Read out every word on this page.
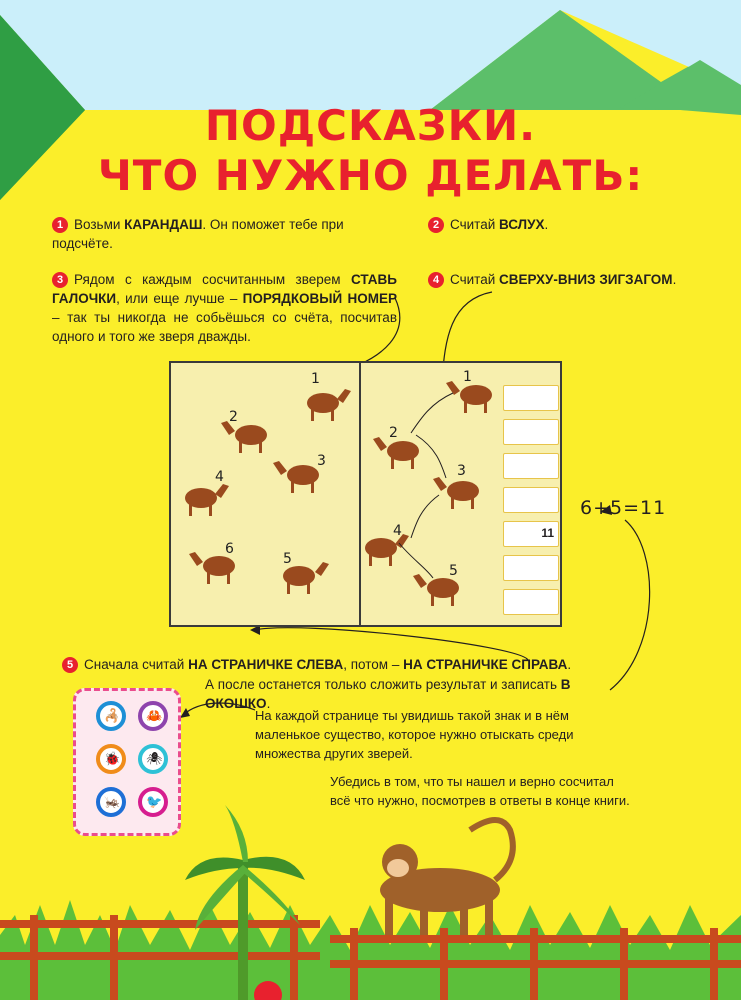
ПОДСКАЗКИ.
ЧТО НУЖНО ДЕЛАТЬ:
1 Возьми КАРАНДАШ. Он поможет тебе при подсчёте.
2 Считай ВСЛУХ.
3 Рядом с каждым сосчитанным зверем СТАВЬ ГАЛОЧКИ, или еще лучше – ПОРЯДКОВЫЙ НОМЕР – так ты никогда не собьёшься со счёта, посчитав одного и того же зверя дважды.
4 Считай СВЕРХУ-ВНИЗ ЗИГЗАГОМ.
1
2
3
4
6
5
1
2
3
4
5
11
6+5=11
5 Сначала считай НА СТРАНИЧКЕ СЛЕВА, потом – НА СТРАНИЧКЕ СПРАВА.
А после останется только сложить результат и записать В ОКОШКО.
🦂 🦀
🐞 🕷
🦗 🐦
На каждой странице ты увидишь такой знак и в нём маленькое существо, которое нужно отыскать среди множества других зверей.
Убедись в том, что ты нашел и верно сосчитал всё что нужно, посмотрев в ответы в конце книги.
